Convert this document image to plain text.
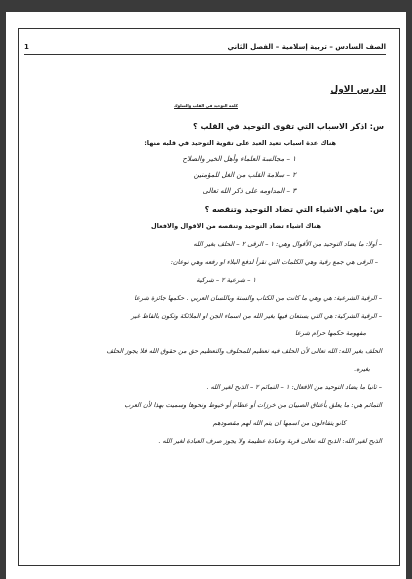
الصف السادس – تربية إسلامية – الفصل الثاني
1
الدرس الاول
كلمة التوحيد في القلب والسلوك
س: اذكر الاسباب التي تقوى التوحيد في القلب ؟
هناك عدة اسباب تعيد العبد على تقوية التوحيد في قلبه منها:
١ – مجالسة العلماء وأهل الخير والصلاح
٢ – سلامة القلب من الغل للمؤمنين
٣ – المداومه على ذكر الله تعالى
س: ماهي الاشياء التي تضاد التوحيد وتنقصه ؟
هناك اشياء تضاد التوحيد وتنقصه من الاقوال والافعال
– أولا: ما يضاد التوحيد من الأقوال وهي: ١ – الرقى ٢ – الحلف بغير الله
– الرقى هي جمع رقية وهي الكلمات التي تقرأ لدفع البلاء او رفعه وهي نوعان:
١ – شرعية ٢ – شركية
– الرقية الشرعية: هي وهي ما كانت من الكتاب والسنة وباللسان العربي . حكمها جائزة شرعا
– الرقية الشركية: هي التي يستعان فيها بغير الله من اسماء الجن او الملائكة وتكون بالفاظ غير
مفهومة حكمها حرام شرعا
الحلف بغير الله: الله تعالى لأن الحلف فيه تعظيم للمحلوف والتعظيم حق من حقوق الله فلا يجوز الحلف
بغيره.
– ثانيا ما يضاد التوحيد من الافعال: ١ – التمائم ٢ – الذبح لغير الله .
التمائم هي: ما يعلق بأعناق الصبيان من خرزات أو عظام أو خيوط ونحوها وسميت بهذا لأن العرب
كانو يتفاءلون من اسمها ان يتم الله لهم مقصودهم
الذبح لغير الله: الذبح لله تعالى قربة وعبادة عظيمة ولا يجوز صرف العبادة لغير الله .
